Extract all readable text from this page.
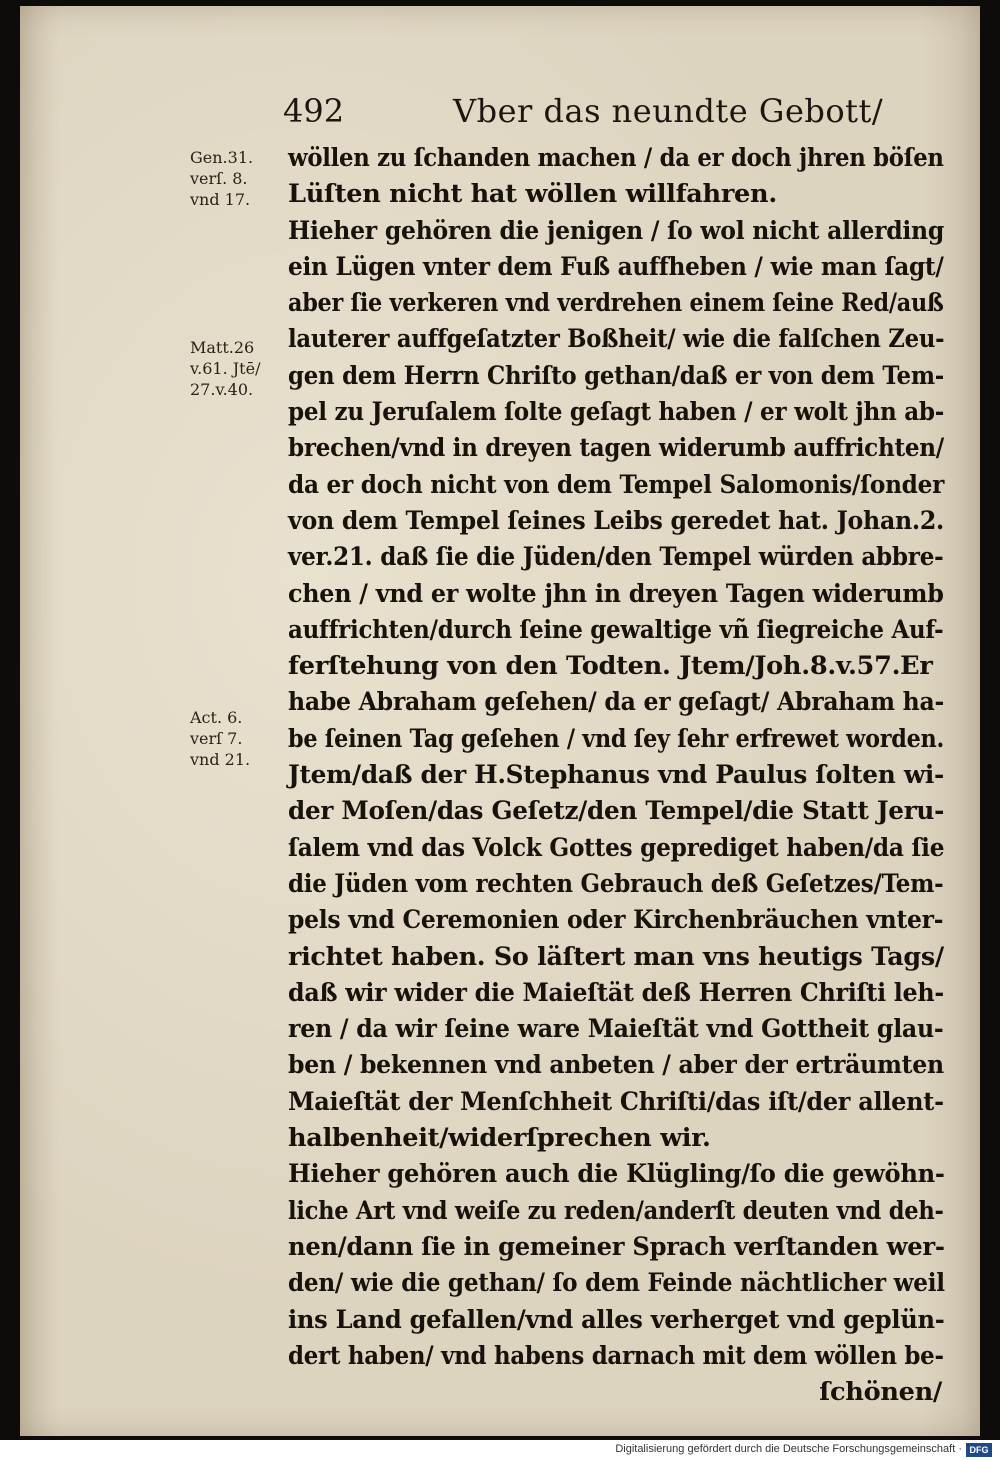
492	Vber das neundte Gebott/
Gen.31.
verſ. 8.
vnd 17.
Matt.26
v.61. Jtē/
27.v.40.
Act. 6.
verſ 7.
vnd 21.
wöllen zu ſchanden machen / da er doch jhren böſen
Lüſten nicht hat wöllen willfahren.
Hieher gehören die jenigen / ſo wol nicht allerding
ein Lügen vnter dem Fuß auffheben / wie man ſagt/
aber ſie verkeren vnd verdrehen einem ſeine Red/auß
lauterer auffgeſatzter Boßheit/ wie die falſchen Zeu-
gen dem Herrn Chriſto gethan/daß er von dem Tem-
pel zu Jeruſalem ſolte geſagt haben / er wolt jhn ab-
brechen/vnd in dreyen tagen widerumb auffrichten/
da er doch nicht von dem Tempel Salomonis/ſonder
von dem Tempel ſeines Leibs geredet hat. Johan.2.
ver.21. daß ſie die Jüden/den Tempel würden abbre-
chen / vnd er wolte jhn in dreyen Tagen widerumb
auffrichten/durch ſeine gewaltige vñ ſiegreiche Auf-
ferſtehung von den Todten. Jtem/Joh.8.v.57.Er
habe Abraham geſehen/ da er geſagt/ Abraham ha-
be ſeinen Tag geſehen / vnd ſey ſehr erfrewet worden.
Jtem/daß der H.Stephanus vnd Paulus ſolten wi-
der Moſen/das Geſetz/den Tempel/die Statt Jeru-
ſalem vnd das Volck Gottes geprediget haben/da ſie
die Jüden vom rechten Gebrauch deß Geſetzes/Tem-
pels vnd Ceremonien oder Kirchenbräuchen vnter-
richtet haben. So läſtert man vns heutigs Tags/
daß wir wider die Maieſtät deß Herren Chriſti leh-
ren / da wir ſeine ware Maieſtät vnd Gottheit glau-
ben / bekennen vnd anbeten / aber der erträumten
Maieſtät der Menſchheit Chriſti/das iſt/der allent-
halbenheit/widerſprechen wir.
Hieher gehören auch die Klügling/ſo die gewöhn-
liche Art vnd weiſe zu reden/anderſt deuten vnd deh-
nen/dann ſie in gemeiner Sprach verſtanden wer-
den/ wie die gethan/ ſo dem Feinde nächtlicher weil
ins Land gefallen/vnd alles verherget vnd geplün-
dert haben/ vnd habens darnach mit dem wöllen be-
ſchönen/
Digitalisierung gefördert durch die Deutsche Forschungsgemeinschaft · DFG
